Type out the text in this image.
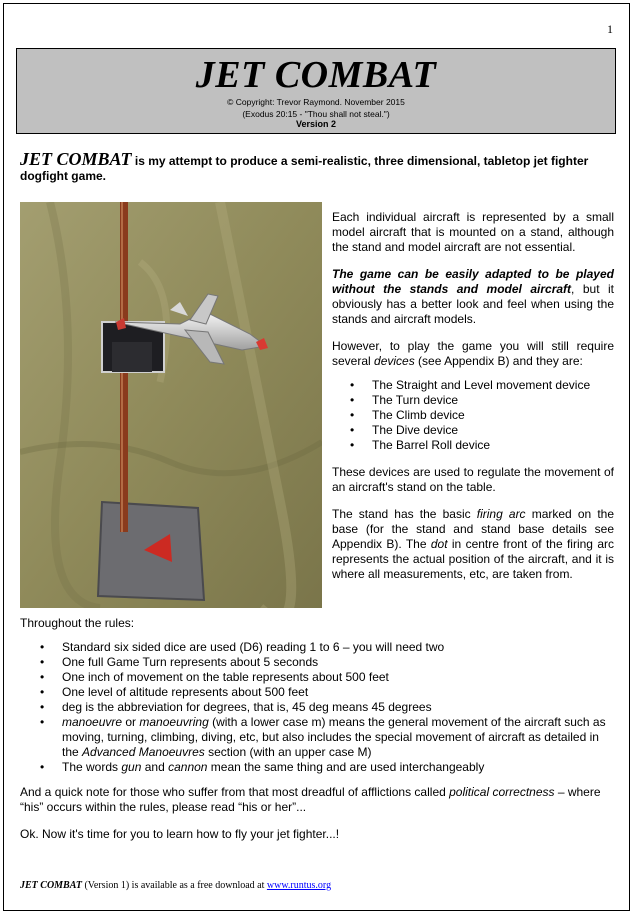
1
JET COMBAT
© Copyright: Trevor Raymond. November 2015
(Exodus 20:15 - "Thou shall not steal.")
Version 2
JET COMBAT is my attempt to produce a semi-realistic, three dimensional, tabletop jet fighter dogfight game.

Each individual aircraft is represented by a small model aircraft that is mounted on a stand, although the stand and model aircraft are not essential.

The game can be easily adapted to be played without the stands and model aircraft, but it obviously has a better look and feel when using the stands and aircraft models.

However, to play the game you will still require several devices (see Appendix B) and they are:

• The Straight and Level movement device
• The Turn device
• The Climb device
• The Dive device
• The Barrel Roll device

These devices are used to regulate the movement of an aircraft's stand on the table.

The stand has the basic firing arc marked on the base (for the stand and stand base details see Appendix B). The dot in centre front of the firing arc represents the actual position of the aircraft, and it is where all measurements, etc, are taken from.

Throughout the rules:

• Standard six sided dice are used (D6) reading 1 to 6 – you will need two
• One full Game Turn represents about 5 seconds
• One inch of movement on the table represents about 500 feet
• One level of altitude represents about 500 feet
• deg is the abbreviation for degrees, that is, 45 deg means 45 degrees
• manoeuvre or manoeuvring (with a lower case m) means the general movement of the aircraft such as moving, turning, climbing, diving, etc, but also includes the special movement of aircraft as detailed in the Advanced Manoeuvres section (with an upper case M)
• The words gun and cannon mean the same thing and are used interchangeably

And a quick note for those who suffer from that most dreadful of afflictions called political correctness – where “his” occurs within the rules, please read “his or her”...

Ok. Now it's time for you to learn how to fly your jet fighter...!

JET COMBAT (Version 1) is available as a free download at www.runtus.org
